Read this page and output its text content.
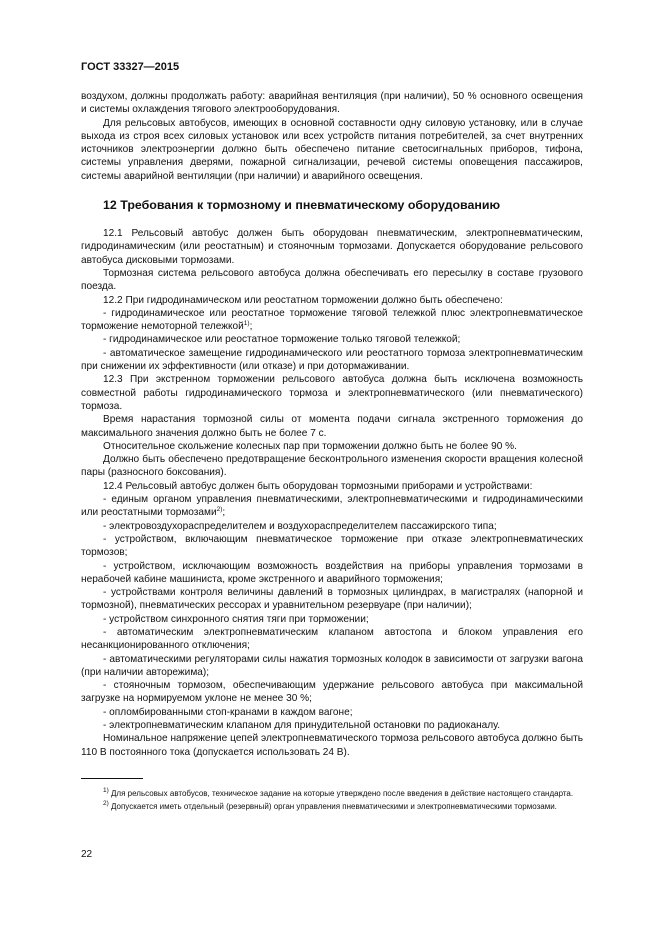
ГОСТ 33327—2015

воздухом, должны продолжать работу: аварийная вентиляция (при наличии), 50 % основного освещения и системы охлаждения тягового электрооборудования.

Для рельсовых автобусов, имеющих в основной составности одну силовую установку, или в случае выхода из строя всех силовых установок или всех устройств питания потребителей, за счет внутренних источников электроэнергии должно быть обеспечено питание светосигнальных приборов, тифона, системы управления дверями, пожарной сигнализации, речевой системы оповещения пассажиров, системы аварийной вентиляции (при наличии) и аварийного освещения.

12 Требования к тормозному и пневматическому оборудованию

12.1 Рельсовый автобус должен быть оборудован пневматическим, электропневматическим, гидродинамическим (или реостатным) и стояночным тормозами. Допускается оборудование рельсового автобуса дисковыми тормозами.

Тормозная система рельсового автобуса должна обеспечивать его пересылку в составе грузового поезда.

12.2 При гидродинамическом или реостатном торможении должно быть обеспечено:

- гидродинамическое или реостатное торможение тяговой тележкой плюс электропневматическое торможение немоторной тележкой$^{1)}$;

- гидродинамическое или реостатное торможение только тяговой тележкой;

- автоматическое замещение гидродинамического или реостатного тормоза электропневматическим при снижении их эффективности (или отказе) и при дотормаживании.

12.3 При экстренном торможении рельсового автобуса должна быть исключена возможность совместной работы гидродинамического тормоза и электропневматического (или пневматического) тормоза.

Время нарастания тормозной силы от момента подачи сигнала экстренного торможения до максимального значения должно быть не более 7 с.

Относительное скольжение колесных пар при торможении должно быть не более 90 %.

Должно быть обеспечено предотвращение бесконтрольного изменения скорости вращения колесной пары (разносного боксования).

12.4 Рельсовый автобус должен быть оборудован тормозными приборами и устройствами:

- единым органом управления пневматическими, электропневматическими и гидродинамическими или реостатными тормозами$^{2)}$;

- электровоздухораспределителем и воздухораспределителем пассажирского типа;

- устройством, включающим пневматическое торможение при отказе электропневматических тормозов;

- устройством, исключающим возможность воздействия на приборы управления тормозами в нерабочей кабине машиниста, кроме экстренного и аварийного торможения;

- устройствами контроля величины давлений в тормозных цилиндрах, в магистралях (напорной и тормозной), пневматических рессорах и уравнительном резервуаре (при наличии);

- устройством синхронного снятия тяги при торможении;

- автоматическим электропневматическим клапаном автостопа и блоком управления его несанкционированного отключения;

- автоматическими регуляторами силы нажатия тормозных колодок в зависимости от загрузки вагона (при наличии авторежима);

- стояночным тормозом, обеспечивающим удержание рельсового автобуса при максимальной загрузке на нормируемом уклоне не менее 30 %;

- опломбированными стоп-кранами в каждом вагоне;

- электропневматическим клапаном для принудительной остановки по радиоканалу.

Номинальное напряжение цепей электропневматического тормоза рельсового автобуса должно быть 110 В постоянного тока (допускается использовать 24 В).

$^{1)}$ Для рельсовых автобусов, техническое задание на которые утверждено после введения в действие настоящего стандарта.

$^{2)}$ Допускается иметь отдельный (резервный) орган управления пневматическими и электропневматическими тормозами.

22
